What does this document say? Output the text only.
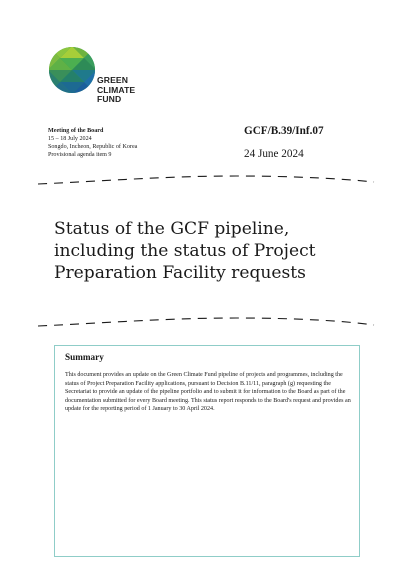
GREEN
CLIMATE
FUND
Meeting of the Board
15 – 18 July 2024
Songdo, Incheon, Republic of Korea
Provisional agenda item 9
GCF/B.39/Inf.07
24 June 2024
Status of the GCF pipeline, including the status of Project Preparation Facility requests
Summary
This document provides an update on the Green Climate Fund pipeline of projects and programmes, including the status of Project Preparation Facility applications, pursuant to Decision B.11/11, paragraph (g) requesting the Secretariat to provide an update of the pipeline portfolio and to submit it for information to the Board as part of the documentation submitted for every Board meeting. This status report responds to the Board's request and provides an update for the reporting period of 1 January to 30 April 2024.
